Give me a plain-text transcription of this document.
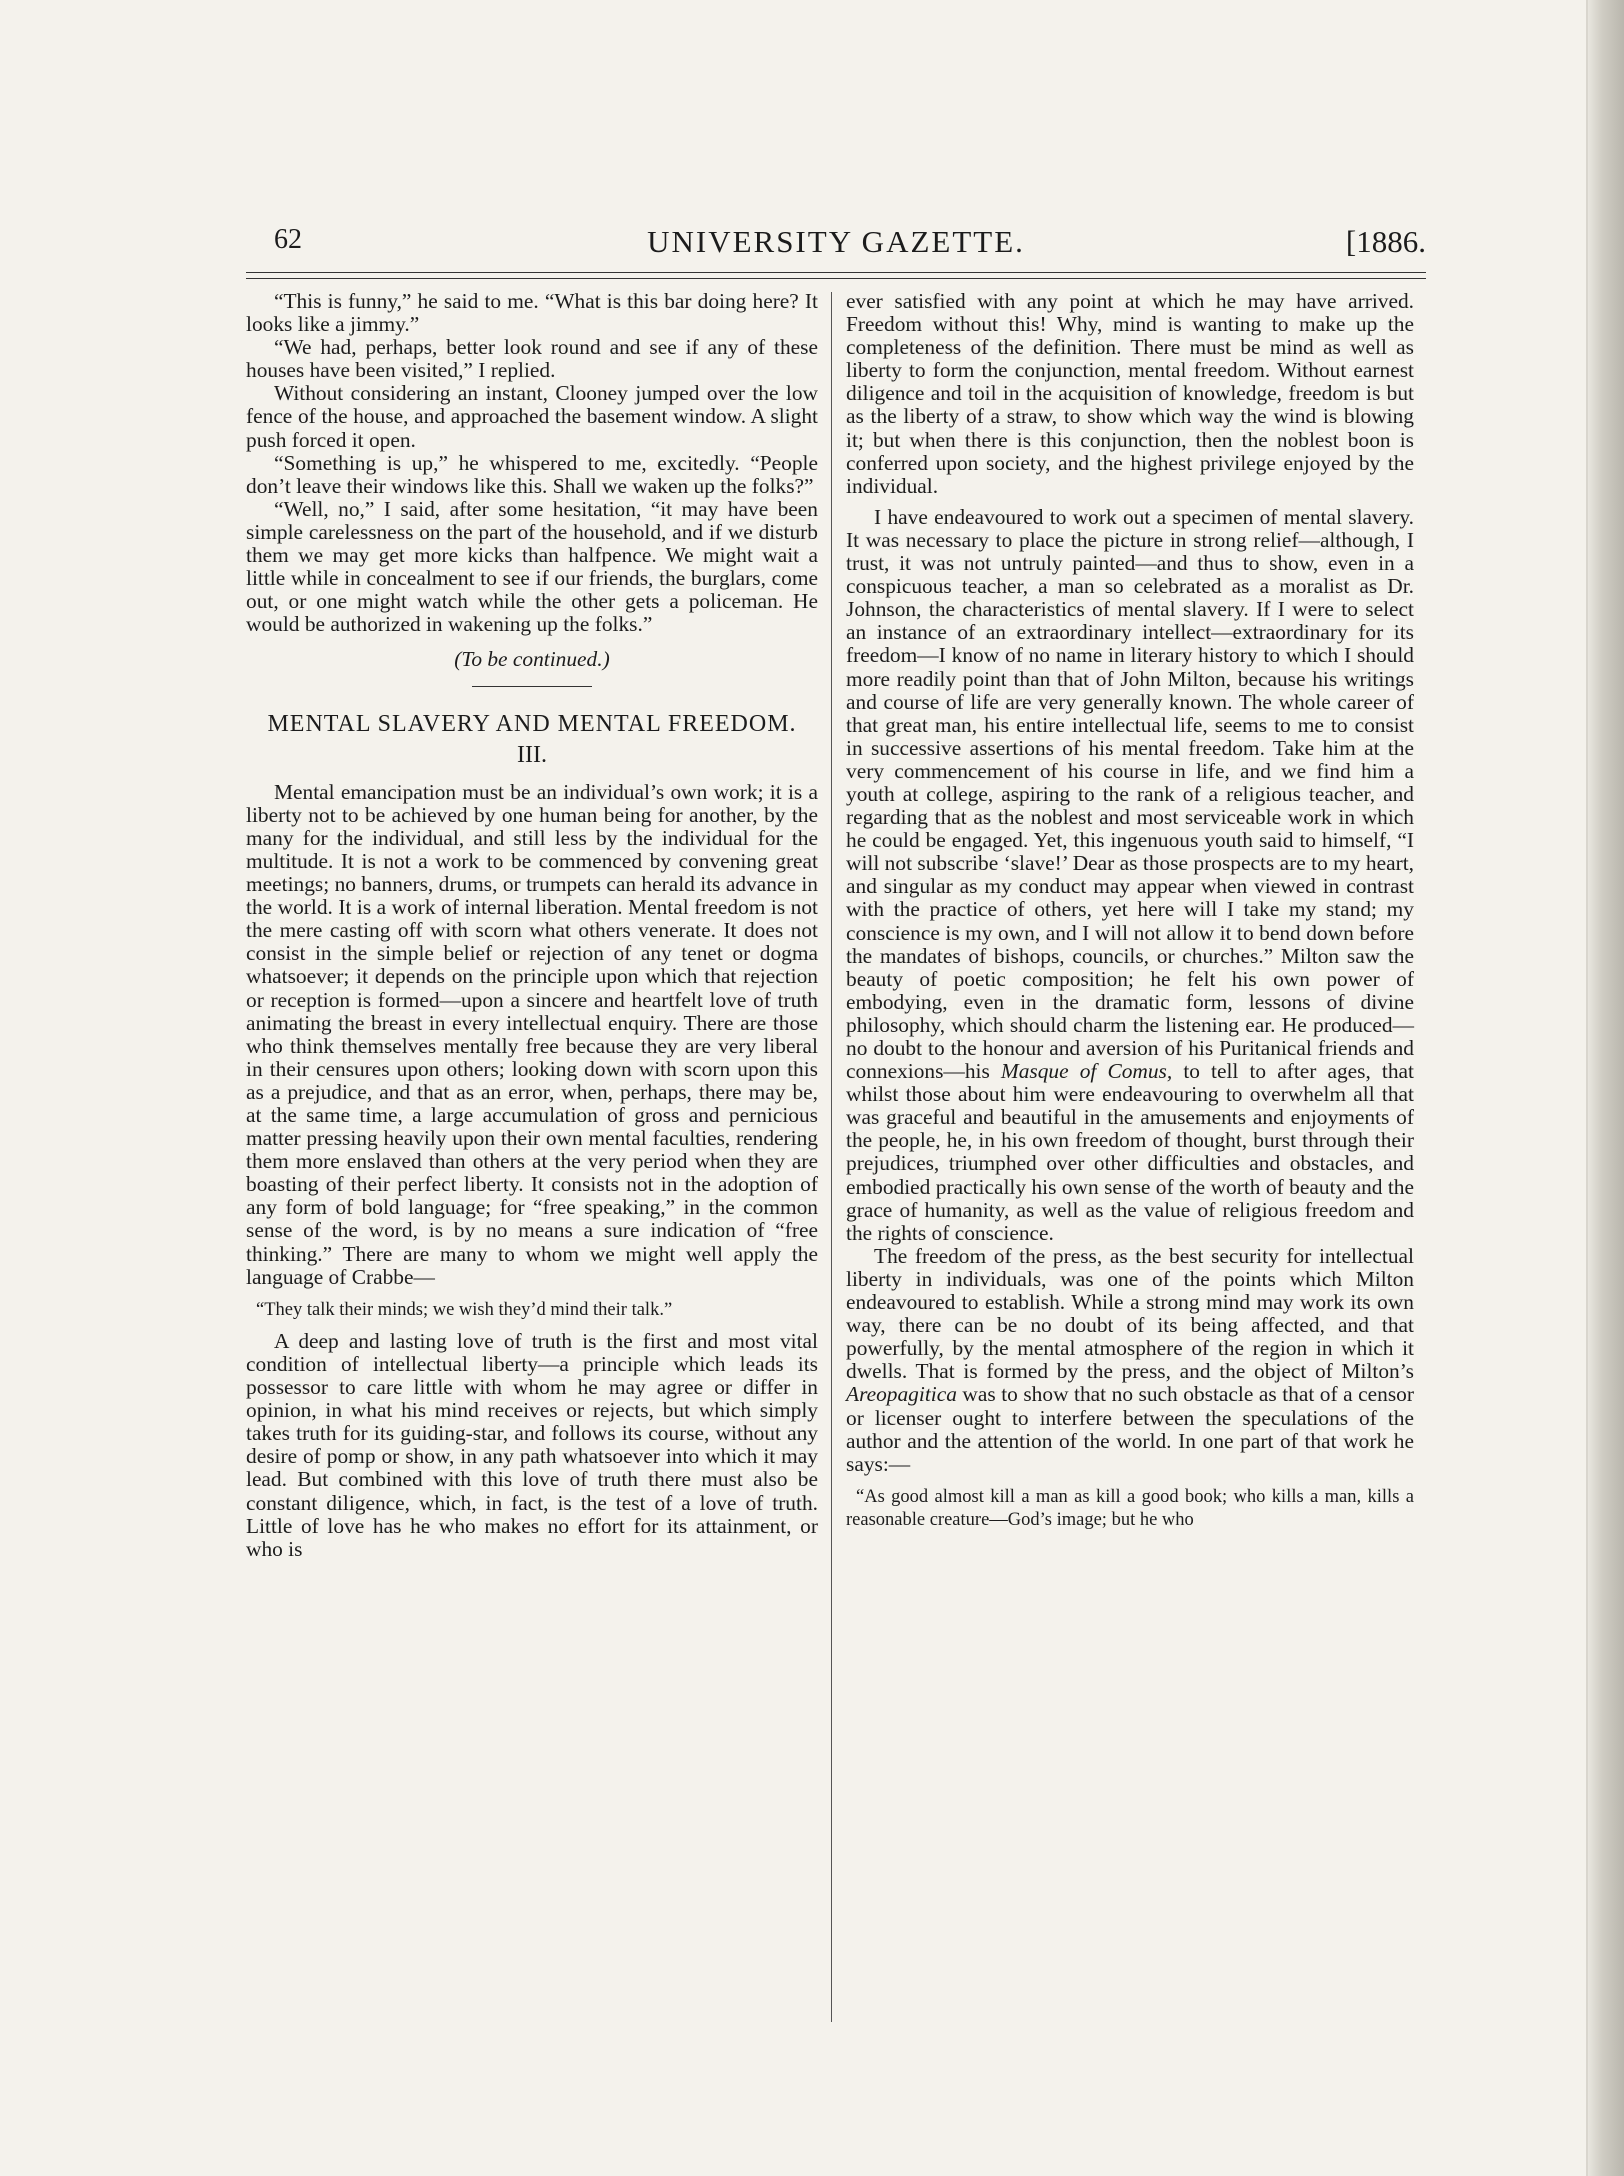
62	UNIVERSITY GAZETTE.	[1886.

“This is funny,” he said to me. “What is this bar doing here? It looks like a jimmy.”

“We had, perhaps, better look round and see if any of these houses have been visited,” I replied.

Without considering an instant, Clooney jumped over the low fence of the house, and approached the basement window. A slight push forced it open.

“Something is up,” he whispered to me, excitedly. “People don’t leave their windows like this. Shall we waken up the folks?”

“Well, no,” I said, after some hesitation, “it may have been simple carelessness on the part of the household, and if we disturb them we may get more kicks than halfpence. We might wait a little while in concealment to see if our friends, the burglars, come out, or one might watch while the other gets a policeman. He would be authorized in wakening up the folks.”

(To be continued.)

MENTAL SLAVERY AND MENTAL FREEDOM.
III.

Mental emancipation must be an individual’s own work; it is a liberty not to be achieved by one human being for another, by the many for the individual, and still less by the individual for the multitude. It is not a work to be commenced by convening great meetings; no banners, drums, or trumpets can herald its advance in the world. It is a work of internal liberation. Mental freedom is not the mere casting off with scorn what others venerate. It does not consist in the simple belief or rejection of any tenet or dogma whatsoever; it depends on the principle upon which that rejection or reception is formed—upon a sincere and heartfelt love of truth animating the breast in every intellectual enquiry. There are those who think themselves mentally free because they are very liberal in their censures upon others; looking down with scorn upon this as a prejudice, and that as an error, when, perhaps, there may be, at the same time, a large accumulation of gross and pernicious matter pressing heavily upon their own mental faculties, rendering them more enslaved than others at the very period when they are boasting of their perfect liberty. It consists not in the adoption of any form of bold language; for “free speaking,” in the common sense of the word, is by no means a sure indication of “free thinking.” There are many to whom we might well apply the language of Crabbe—

“They talk their minds; we wish they’d mind their talk.”

A deep and lasting love of truth is the first and most vital condition of intellectual liberty—a principle which leads its possessor to care little with whom he may agree or differ in opinion, in what his mind receives or rejects, but which simply takes truth for its guiding-star, and follows its course, without any desire of pomp or show, in any path whatsoever into which it may lead. But combined with this love of truth there must also be constant diligence, which, in fact, is the test of a love of truth. Little of love has he who makes no effort for its attainment, or who is

ever satisfied with any point at which he may have arrived. Freedom without this! Why, mind is wanting to make up the completeness of the definition. There must be mind as well as liberty to form the conjunction, mental freedom. Without earnest diligence and toil in the acquisition of knowledge, freedom is but as the liberty of a straw, to show which way the wind is blowing it; but when there is this conjunction, then the noblest boon is conferred upon society, and the highest privilege enjoyed by the individual.

I have endeavoured to work out a specimen of mental slavery. It was necessary to place the picture in strong relief—although, I trust, it was not untruly painted—and thus to show, even in a conspicuous teacher, a man so celebrated as a moralist as Dr. Johnson, the characteristics of mental slavery. If I were to select an instance of an extraordinary intellect—extraordinary for its freedom—I know of no name in literary history to which I should more readily point than that of John Milton, because his writings and course of life are very generally known. The whole career of that great man, his entire intellectual life, seems to me to consist in successive assertions of his mental freedom. Take him at the very commencement of his course in life, and we find him a youth at college, aspiring to the rank of a religious teacher, and regarding that as the noblest and most serviceable work in which he could be engaged. Yet, this ingenuous youth said to himself, “I will not subscribe ‘slave!’ Dear as those prospects are to my heart, and singular as my conduct may appear when viewed in contrast with the practice of others, yet here will I take my stand; my conscience is my own, and I will not allow it to bend down before the mandates of bishops, councils, or churches.” Milton saw the beauty of poetic composition; he felt his own power of embodying, even in the dramatic form, lessons of divine philosophy, which should charm the listening ear. He produced—no doubt to the honour and aversion of his Puritanical friends and connexions—his Masque of Comus, to tell to after ages, that whilst those about him were endeavouring to overwhelm all that was graceful and beautiful in the amusements and enjoyments of the people, he, in his own freedom of thought, burst through their prejudices, triumphed over other difficulties and obstacles, and embodied practically his own sense of the worth of beauty and the grace of humanity, as well as the value of religious freedom and the rights of conscience.

The freedom of the press, as the best security for intellectual liberty in individuals, was one of the points which Milton endeavoured to establish. While a strong mind may work its own way, there can be no doubt of its being affected, and that powerfully, by the mental atmosphere of the region in which it dwells. That is formed by the press, and the object of Milton’s Areopagitica was to show that no such obstacle as that of a censor or licenser ought to interfere between the speculations of the author and the attention of the world. In one part of that work he says:—

“As good almost kill a man as kill a good book; who kills a man, kills a reasonable creature—God’s image; but he who
